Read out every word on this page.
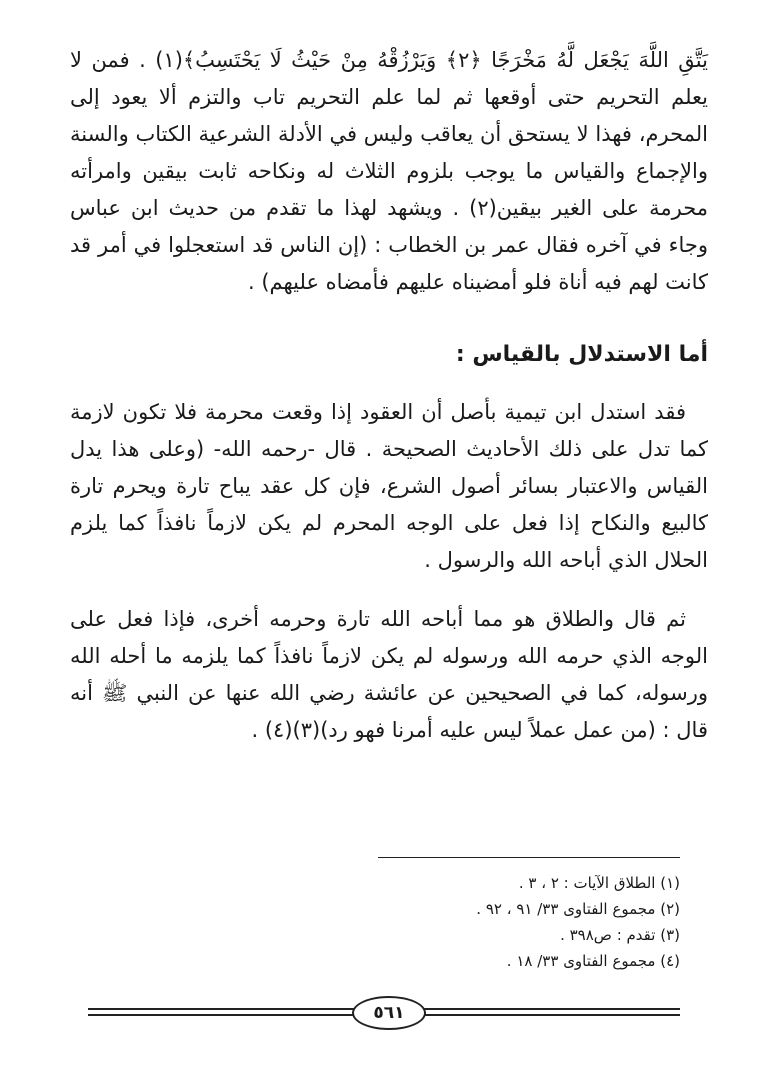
يَتَّقِ اللَّهَ يَجْعَل لَّهُ مَخْرَجًا ﴿٢﴾ وَيَرْزُقْهُ مِنْ حَيْثُ لَا يَحْتَسِبُ﴾(١) . فمن لا يعلم التحريم حتى أوقعها ثم لما علم التحريم تاب والتزم ألا يعود إلى المحرم، فهذا لا يستحق أن يعاقب وليس في الأدلة الشرعية الكتاب والسنة والإجماع والقياس ما يوجب بلزوم الثلاث له ونكاحه ثابت بيقين وامرأته محرمة على الغير بيقين(٢) . ويشهد لهذا ما تقدم من حديث ابن عباس وجاء في آخره فقال عمر بن الخطاب : (إن الناس قد استعجلوا في أمر قد كانت لهم فيه أناة فلو أمضيناه عليهم فأمضاه عليهم) .

أما الاستدلال بالقياس :

فقد استدل ابن تيمية بأصل أن العقود إذا وقعت محرمة فلا تكون لازمة كما تدل على ذلك الأحاديث الصحيحة . قال -رحمه الله- (وعلى هذا يدل القياس والاعتبار بسائر أصول الشرع، فإن كل عقد يباح تارة ويحرم تارة كالبيع والنكاح إذا فعل على الوجه المحرم لم يكن لازماً نافذاً كما يلزم الحلال الذي أباحه الله والرسول .

ثم قال والطلاق هو مما أباحه الله تارة وحرمه أخرى، فإذا فعل على الوجه الذي حرمه الله ورسوله لم يكن لازماً نافذاً كما يلزمه ما أحله الله ورسوله، كما في الصحيحين عن عائشة رضي الله عنها عن النبي ﷺ أنه قال : (من عمل عملاً ليس عليه أمرنا فهو رد)(٣)(٤) .

(١) الطلاق الآيات : ٢ ، ٣ .
(٢) مجموع الفتاوى ٣٣/ ٩١ ، ٩٢ .
(٣) تقدم : ص٣٩٨ .
(٤) مجموع الفتاوى ٣٣/ ١٨ .
٥٦١
